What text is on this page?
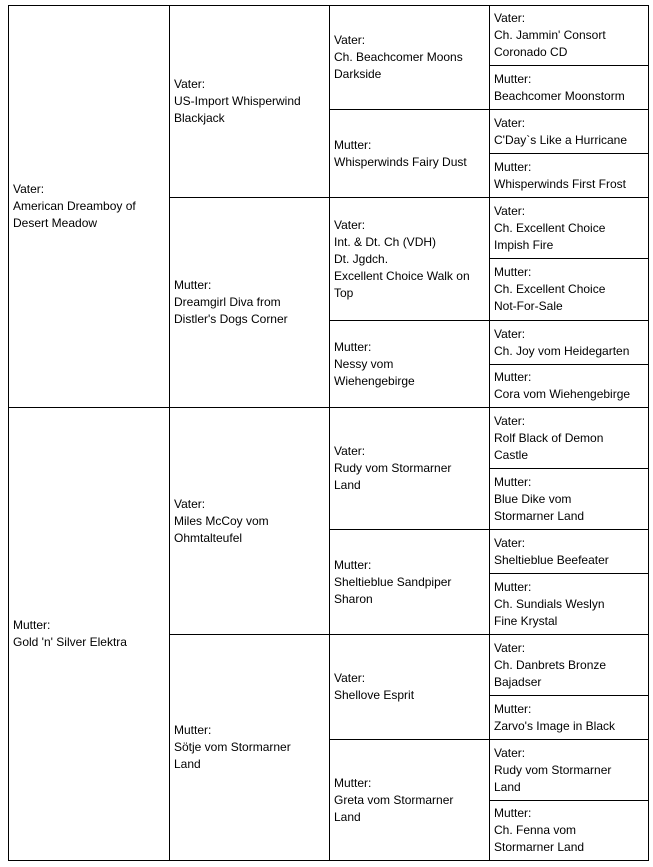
Vater:
American Dreamboy of
Desert Meadow
Mutter:
Gold 'n' Silver Elektra
Vater:
US-Import Whisperwind
Blackjack
Mutter:
Dreamgirl Diva from
Distler's Dogs Corner
Vater:
Miles McCoy vom
Ohmtalteufel
Mutter:
Sötje vom Stormarner
Land
Vater:
Ch. Beachcomer Moons
Darkside
Mutter:
Whisperwinds Fairy Dust
Vater:
Int. & Dt. Ch (VDH)
Dt. Jgdch.
Excellent Choice Walk on
Top
Mutter:
Nessy vom
Wiehengebirge
Vater:
Rudy vom Stormarner
Land
Mutter:
Sheltieblue Sandpiper
Sharon
Vater:
Shellove Esprit
Mutter:
Greta vom Stormarner
Land
Vater:
Ch. Jammin' Consort
Coronado CD
Mutter:
Beachcomer Moonstorm
Vater:
C'Day`s Like a Hurricane
Mutter:
Whisperwinds First Frost
Vater:
Ch. Excellent Choice
Impish Fire
Mutter:
Ch. Excellent Choice
Not-For-Sale
Vater:
Ch. Joy vom Heidegarten
Mutter:
Cora vom Wiehengebirge
Vater:
Rolf Black of Demon
Castle
Mutter:
Blue Dike vom
Stormarner Land
Vater:
Sheltieblue Beefeater
Mutter:
Ch. Sundials Weslyn
Fine Krystal
Vater:
Ch. Danbrets Bronze
Bajadser
Mutter:
Zarvo's Image in Black
Vater:
Rudy vom Stormarner
Land
Mutter:
Ch. Fenna vom
Stormarner Land
